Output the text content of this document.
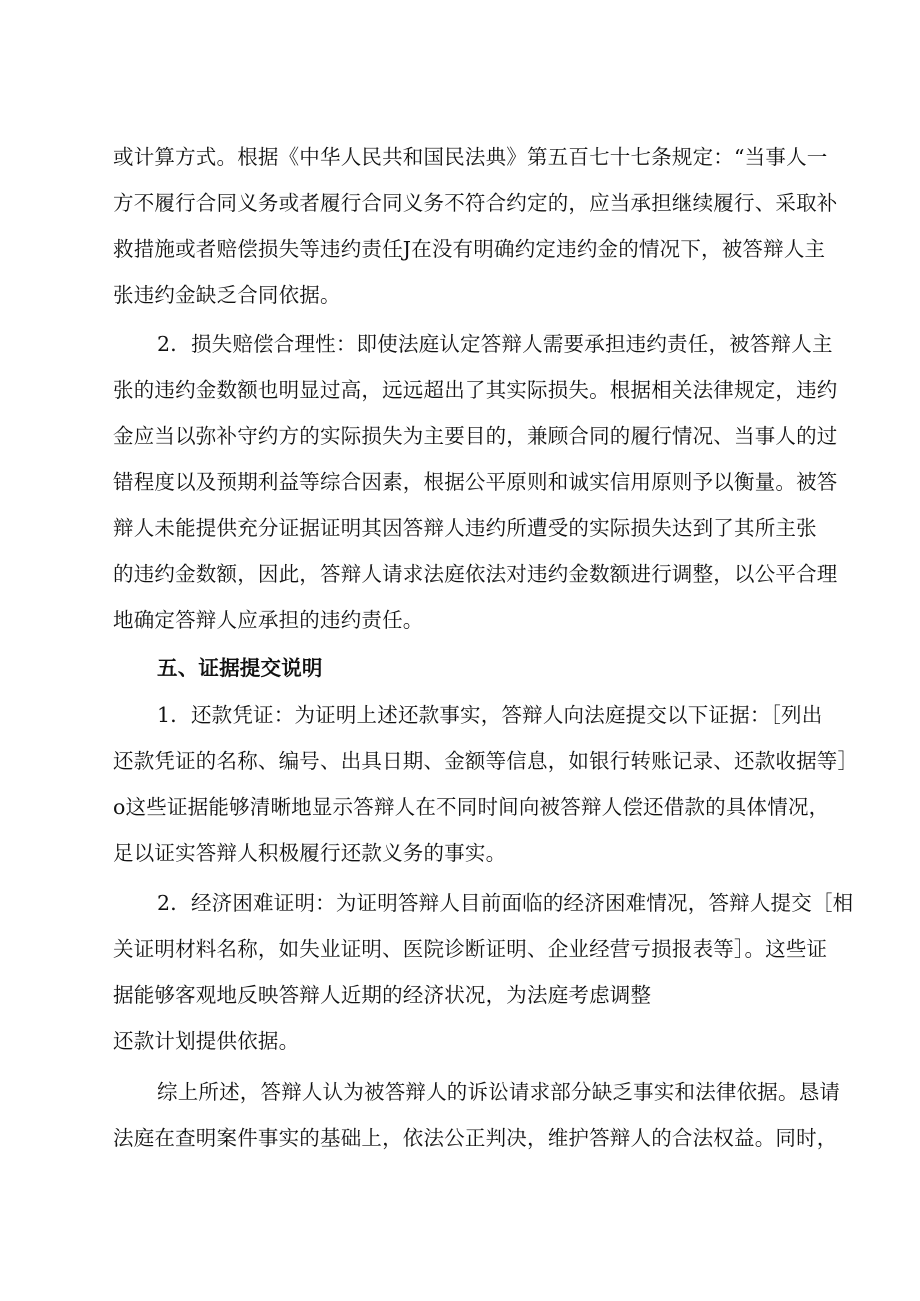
或计算方式。根据《中华人民共和国民法典》第五百七十七条规定：“当事人一
方不履行合同义务或者履行合同义务不符合约定的，应当承担继续履行、采取补
救措施或者赔偿损失等违约责任J在没有明确约定违约金的情况下，被答辩人主
张违约金缺乏合同依据。
2．损失赔偿合理性：即使法庭认定答辩人需要承担违约责任，被答辩人主
张的违约金数额也明显过高，远远超出了其实际损失。根据相关法律规定，违约
金应当以弥补守约方的实际损失为主要目的，兼顾合同的履行情况、当事人的过
错程度以及预期利益等综合因素，根据公平原则和诚实信用原则予以衡量。被答
辩人未能提供充分证据证明其因答辩人违约所遭受的实际损失达到了其所主张
的违约金数额，因此，答辩人请求法庭依法对违约金数额进行调整，以公平合理
地确定答辩人应承担的违约责任。
五、证据提交说明
1．还款凭证：为证明上述还款事实，答辩人向法庭提交以下证据：［列出
还款凭证的名称、编号、出具日期、金额等信息，如银行转账记录、还款收据等］
o这些证据能够清晰地显示答辩人在不同时间向被答辩人偿还借款的具体情况，
足以证实答辩人积极履行还款义务的事实。
2．经济困难证明：为证明答辩人目前面临的经济困难情况，答辩人提交［相
关证明材料名称，如失业证明、医院诊断证明、企业经营亏损报表等］。这些证
据能够客观地反映答辩人近期的经济状况，为法庭考虑调整
还款计划提供依据。
综上所述，答辩人认为被答辩人的诉讼请求部分缺乏事实和法律依据。恳请
法庭在查明案件事实的基础上，依法公正判决，维护答辩人的合法权益。同时，
